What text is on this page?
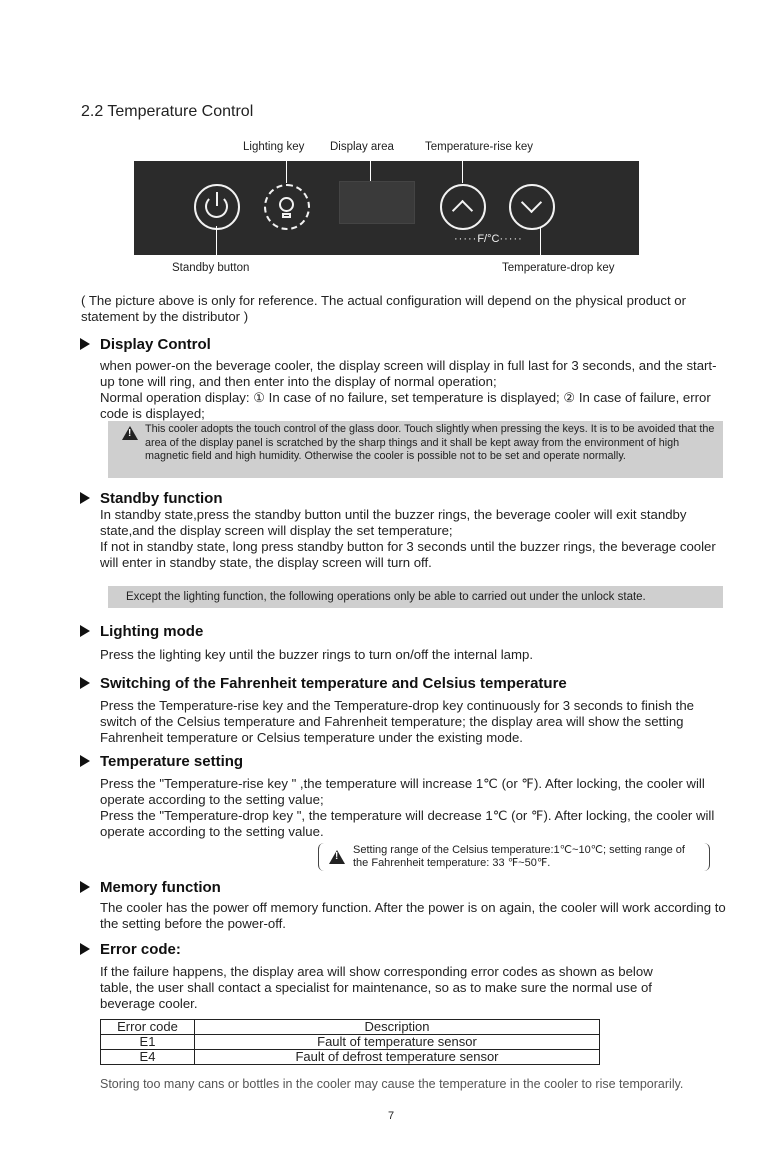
2.2 Temperature Control
Lighting key Display area	Temperature-rise key
·····F/°C·····
Standby button	Temperature-drop key
( The picture above is only for reference. The actual configuration will depend on the physical product or statement by the distributor )
Display Control
when power-on the beverage cooler, the display screen will display in full last for 3 seconds, and the start-up tone will ring, and then enter into the display of normal operation;
Normal operation display: ① In case of no failure, set temperature is displayed; ② In case of failure, error code is displayed;
!
This cooler adopts the touch control of the glass door. Touch slightly when pressing the keys. It is to be avoided that the area of the display panel is scratched by the sharp things and it shall be kept away from the environment of high magnetic field and high humidity. Otherwise the cooler is possible not to be set and operate normally.
Standby function
In standby state,press the standby button until the buzzer rings, the beverage cooler will exit standby state,and the display screen will display the set temperature;
If not in standby state, long press standby button for 3 seconds until the buzzer rings, the beverage cooler will enter in standby state, the display screen will turn off.
Except the lighting function, the following operations only be able to carried out under the unlock state.
Lighting mode
Press the lighting key until the buzzer rings to turn on/off the internal lamp.
Switching of the Fahrenheit temperature and Celsius temperature
Press the Temperature-rise key and the Temperature-drop key continuously for 3 seconds to finish the switch of the Celsius temperature and Fahrenheit temperature; the display area will show the setting Fahrenheit temperature or Celsius temperature under the existing mode.
Temperature setting
Press the "Temperature-rise key " ,the temperature will increase 1℃ (or ℉). After locking, the cooler will operate according to the setting value;
Press the "Temperature-drop key ", the temperature will decrease 1℃ (or ℉). After locking, the cooler will operate according to the setting value.
!
Setting range of the Celsius temperature:1℃~10℃; setting range of the Fahrenheit temperature: 33 ℉~50℉.
Memory function
The cooler has the power off memory function. After the power is on again, the cooler will work according to the setting before the power-off.
Error code:
If the failure happens, the display area will show corresponding error codes as shown as below table, the user shall contact a specialist for maintenance, so as to make sure the normal use of beverage cooler.
Error code	Description
E1	Fault of temperature sensor
E4	Fault of defrost temperature sensor
Storing too many cans or bottles in the cooler may cause the temperature in the cooler to rise temporarily.
7
